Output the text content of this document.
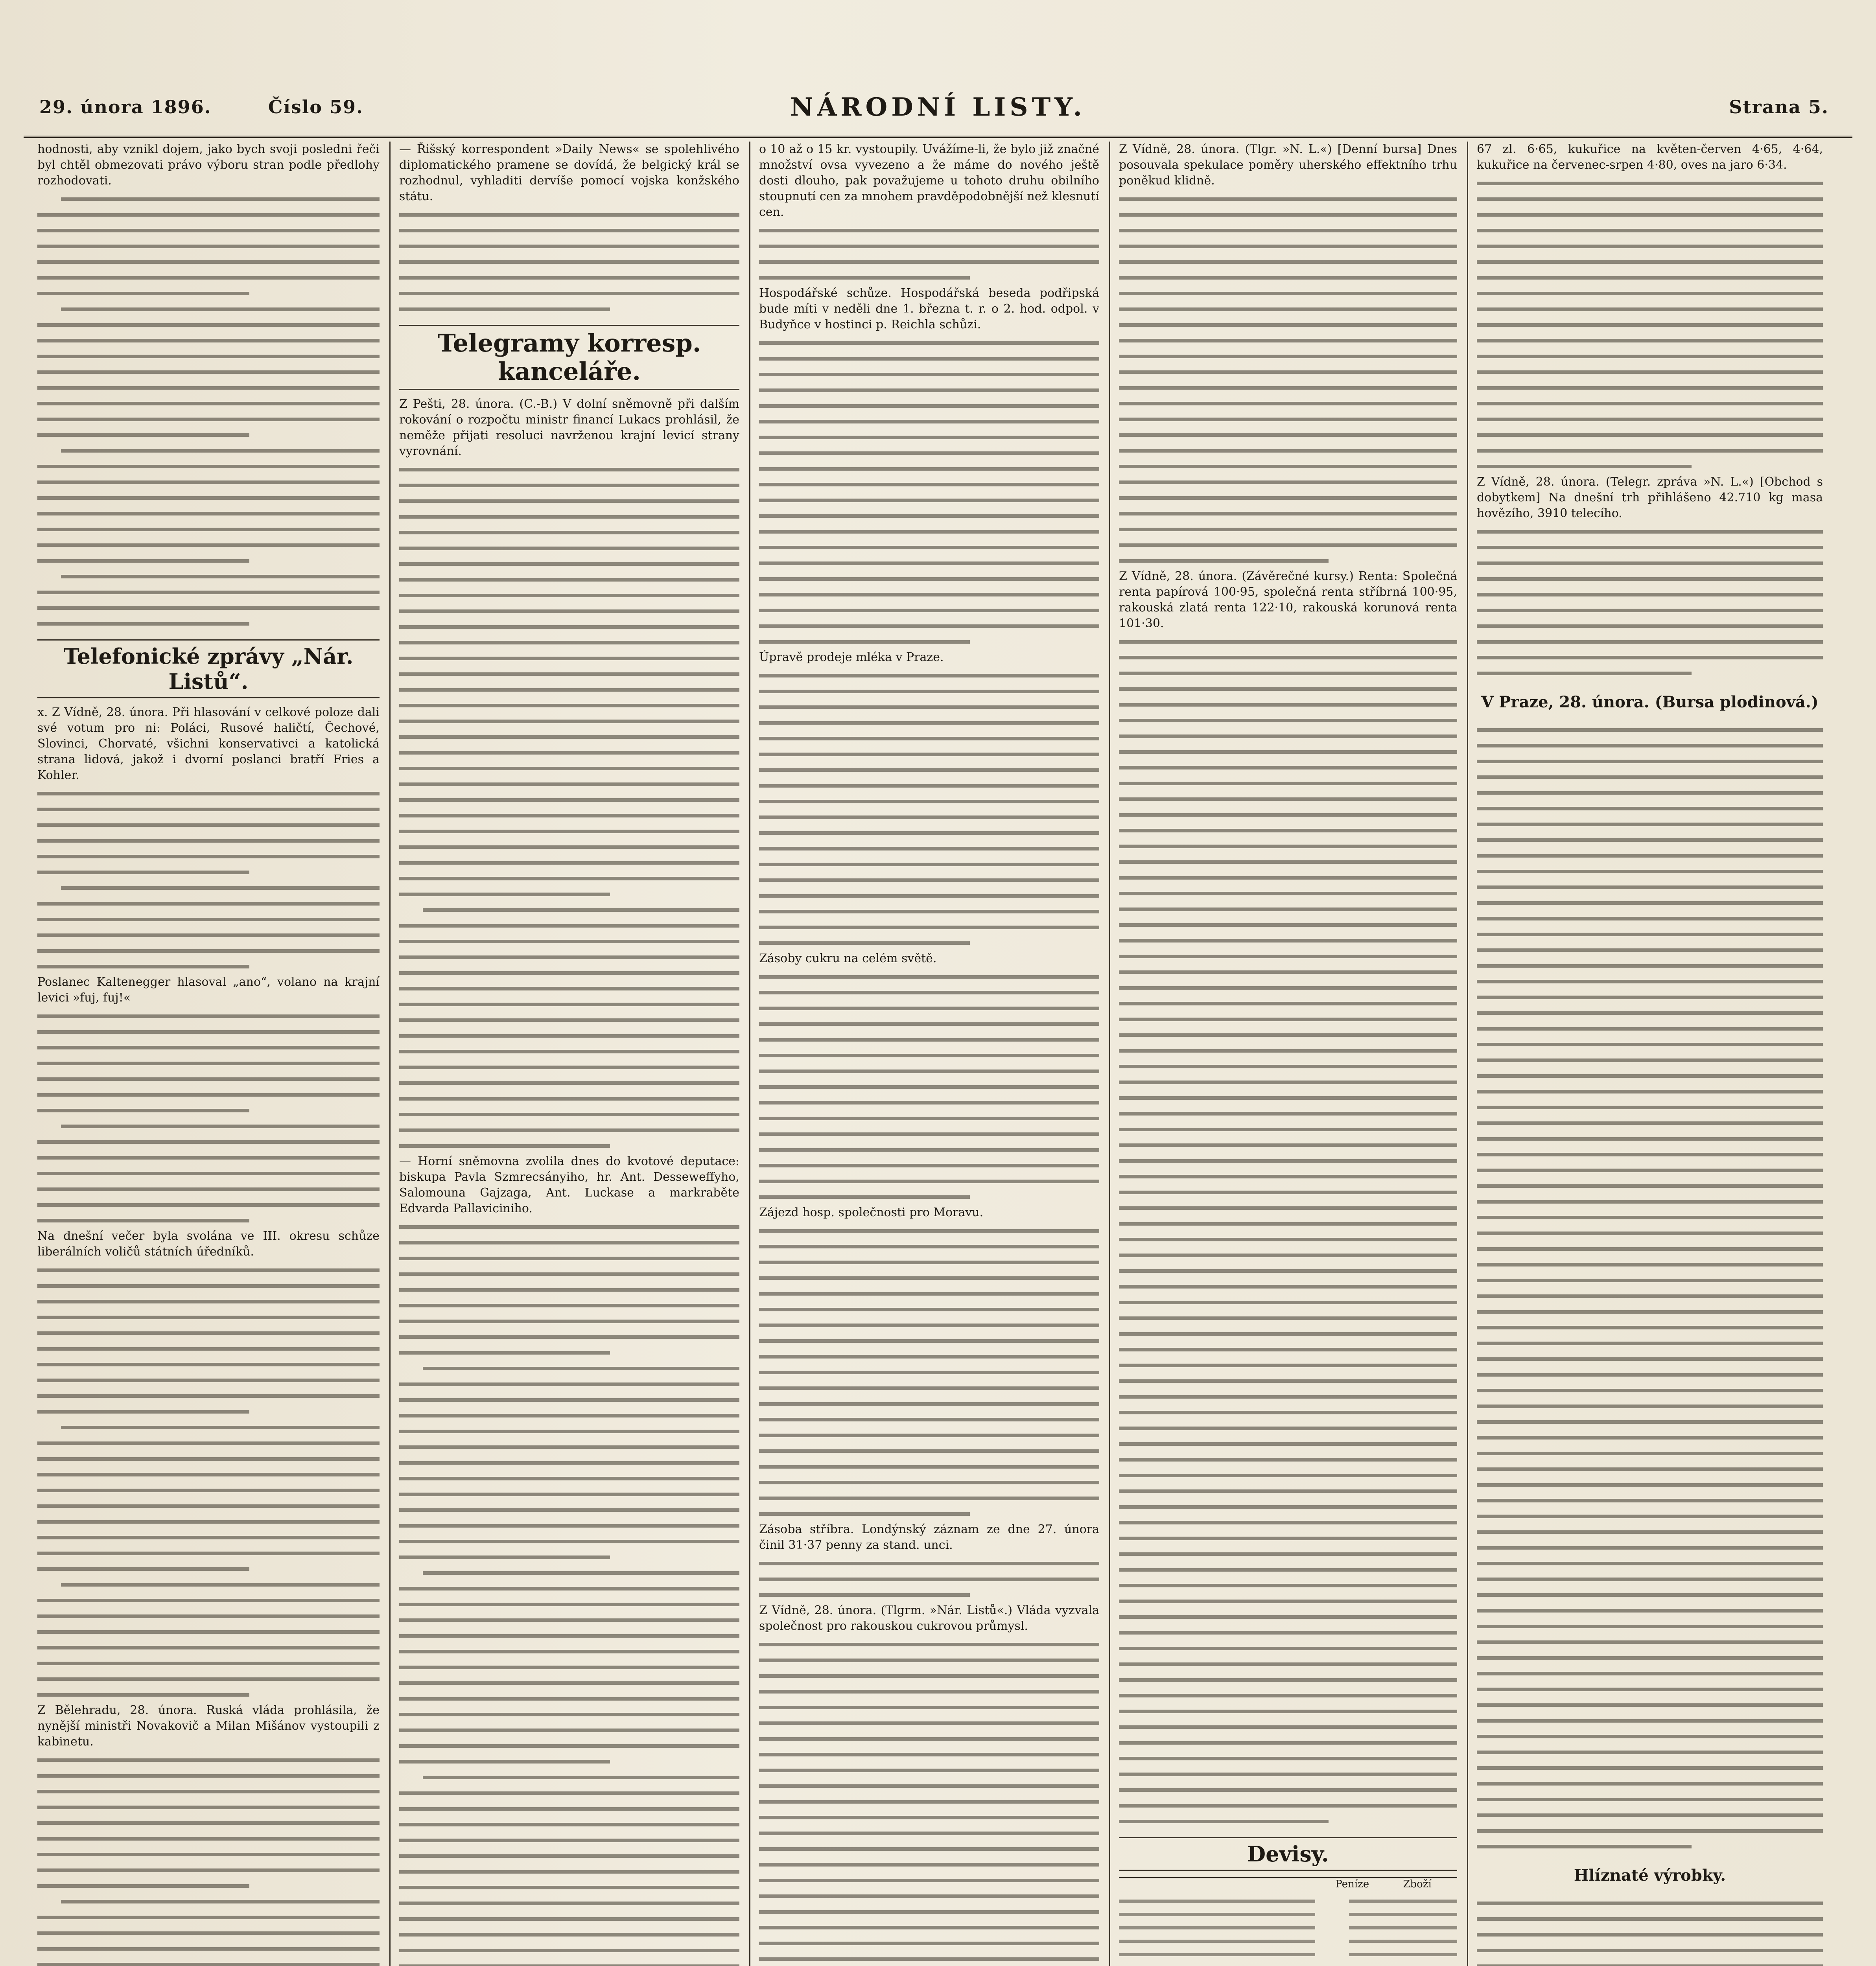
29. února 1896.	Číslo 59.	NÁRODNÍ LISTY.	Strana 5.

hodnosti, aby vznikl dojem, jako bych svoji posledni řeči byl chtěl obmezovati právo výboru stran podle předlohy rozhodovati.

Telefonické zprávy „Nár. Listů“.

x. Z Vídně, 28. února. Při hlasování v celkové poloze dali své votum pro ni: Poláci, Rusové haličtí, Čechové, Slovinci, Chorvaté, všichni konservativci a katolická strana lidová, jakož i dvorní poslanci bratří Fries a Kohler.

Poslanec Kaltenegger hlasoval „ano“, volano na krajní levici »fuj, fuj!«

Na dnešní večer byla svolána ve III. okresu schůze liberálních voličů státních úředníků.

Z Bělehradu, 28. února. Ruská vláda prohlásila, že nynější ministři Novakovič a Milan Mišánov vystoupili z kabinetu.

— Řišský korrespondent »Daily News« se spolehlivého diplomatického pramene se dovídá, že belgický král se rozhodnul, vyhladiti dervíše pomocí vojska konžského státu.

Telegramy korresp. kanceláře.

Z Pešti, 28. února. (C.-B.) V dolní sněmovně při dalším rokování o rozpočtu ministr financí Lukacs prohlásil, že neměže přijati resoluci navrženou krajní levicí strany vyrovnání.

— Horní sněmovna zvolila dnes do kvotové deputace: biskupa Pavla Szmrecsányiho, hr. Ant. Desseweffyho, Salomouna Gajzaga, Ant. Luckase a markraběte Edvarda Pallaviciniho.

o 10 až o 15 kr. vystoupily. Uvážíme-li, že bylo již značné množství ovsa vyvezeno a že máme do nového ještě dosti dlouho, pak považujeme u tohoto druhu obilního stoupnutí cen za mnohem pravděpodobnější než klesnutí cen.

Hospodářské schůze. Hospodářská beseda podřipská bude míti v neděli dne 1. března t. r. o 2. hod. odpol. v Budyňce v hostinci p. Reichla schůzi.

Úpravě prodeje mléka v Praze.

Zásoby cukru na celém světě.

Zájezd hosp. společnosti pro Moravu.

Zásoba stříbra. Londýnský záznam ze dne 27. února činil 31·37 penny za stand. unci.

Z Vídně, 28. února. (Tlgrm. »Nár. Listů«.) Vláda vyzvala společnost pro rakouskou cukrovou průmysl.

Z Vídně, 28. února. (Tlgr. »N. L.«) [Denní bursa] Dnes posouvala spekulace poměry uherského effektního trhu poněkud klidně.

Z Vídně, 28. února. (Závěrečné kursy.) Renta: Společná renta papírová 100·95, společná renta stříbrná 100·95, rakouská zlatá renta 122·10, rakouská korunová renta 101·30.

Devisy.
Peníze	Zboží

67 zl. 6·65, kukuřice na květen-červen 4·65, 4·64, kukuřice na červenec-srpen 4·80, oves na jaro 6·34.

Z Vídně, 28. února. (Telegr. zpráva »N. L.«) [Obchod s dobytkem] Na dnešní trh přihlášeno 42.710 kg masa hovězího, 3910 telecího.

V Praze, 28. února. (Bursa plodinová.)
Hlíznaté výrobky.
